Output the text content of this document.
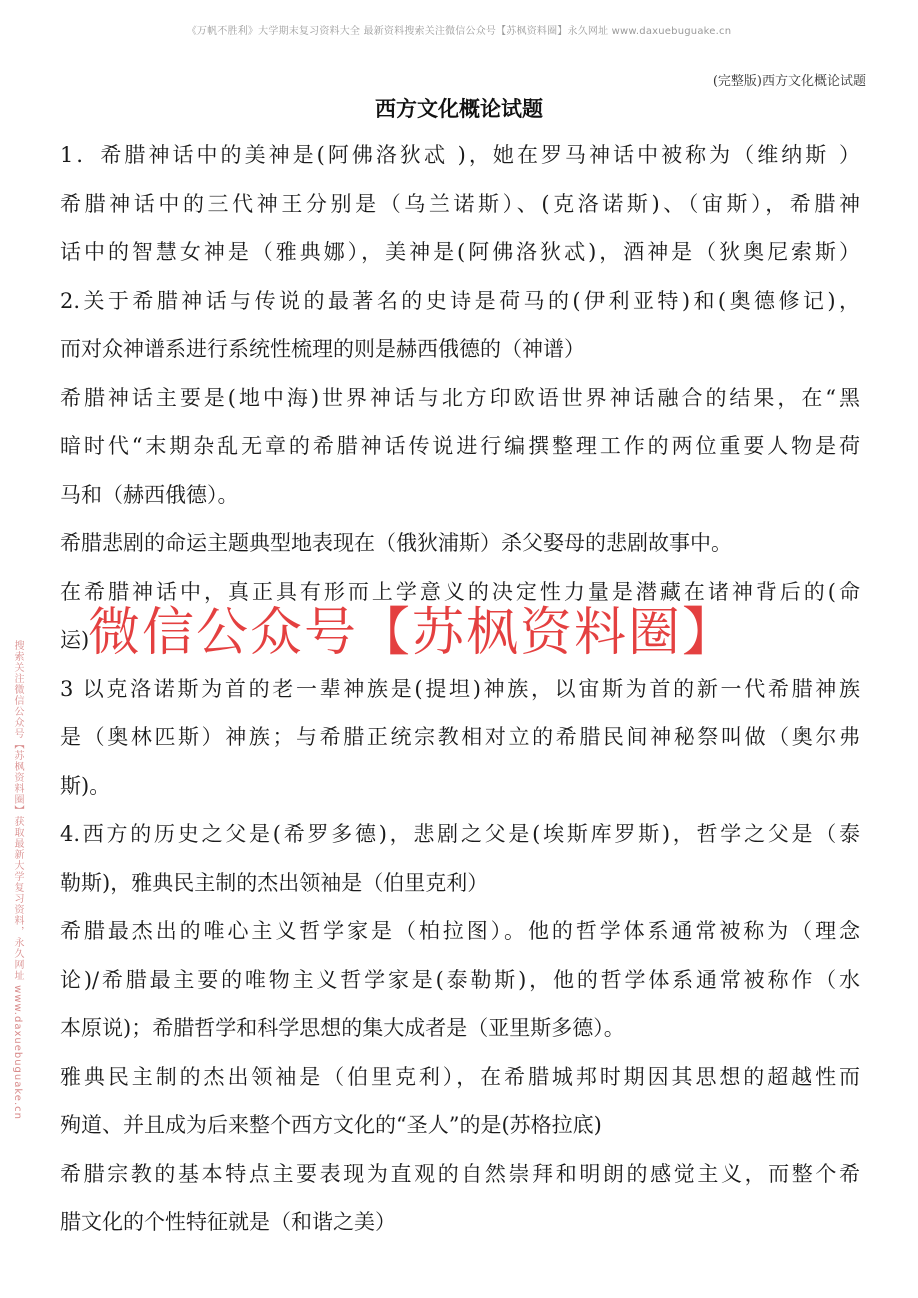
《万帆不胜利》大学期末复习资料大全 最新资料搜索关注微信公众号【苏枫资料圈】永久网址 www.daxuebuguake.cn
(完整版)西方文化概论试题
西方文化概论试题
1．希腊神话中的美神是(阿佛洛狄忒 )，她在罗马神话中被称为（维纳斯 ）
希腊神话中的三代神王分别是（乌兰诺斯）、(克洛诺斯)、（宙斯），希腊神
话中的智慧女神是（雅典娜），美神是(阿佛洛狄忒)，酒神是（狄奥尼索斯）
2.关于希腊神话与传说的最著名的史诗是荷马的(伊利亚特)和(奥德修记)，
而对众神谱系进行系统性梳理的则是赫西俄德的（神谱）
希腊神话主要是(地中海)世界神话与北方印欧语世界神话融合的结果，在“黑
暗时代“末期杂乱无章的希腊神话传说进行编撰整理工作的两位重要人物是荷
马和（赫西俄德）。
希腊悲剧的命运主题典型地表现在（俄狄浦斯）杀父娶母的悲剧故事中。
在希腊神话中，真正具有形而上学意义的决定性力量是潜藏在诸神背后的(命
运)
3 以克洛诺斯为首的老一辈神族是(提坦)神族，以宙斯为首的新一代希腊神族
是（奥林匹斯）神族；与希腊正统宗教相对立的希腊民间神秘祭叫做（奥尔弗
斯)。
4.西方的历史之父是(希罗多德)，悲剧之父是(埃斯库罗斯)，哲学之父是（泰
勒斯)，雅典民主制的杰出领袖是（伯里克利）
希腊最杰出的唯心主义哲学家是（柏拉图）。他的哲学体系通常被称为（理念
论)/希腊最主要的唯物主义哲学家是(泰勒斯)，他的哲学体系通常被称作（水
本原说)；希腊哲学和科学思想的集大成者是（亚里斯多德）。
雅典民主制的杰出领袖是（伯里克利），在希腊城邦时期因其思想的超越性而
殉道、并且成为后来整个西方文化的“圣人”的是(苏格拉底)
希腊宗教的基本特点主要表现为直观的自然崇拜和明朗的感觉主义，而整个希
腊文化的个性特征就是（和谐之美）
搜索关注微信公众号【苏枫资料圈】获取最新大学复习资料，永久网址 www.daxuebuguake.cn
微信公众号【苏枫资料圈】
